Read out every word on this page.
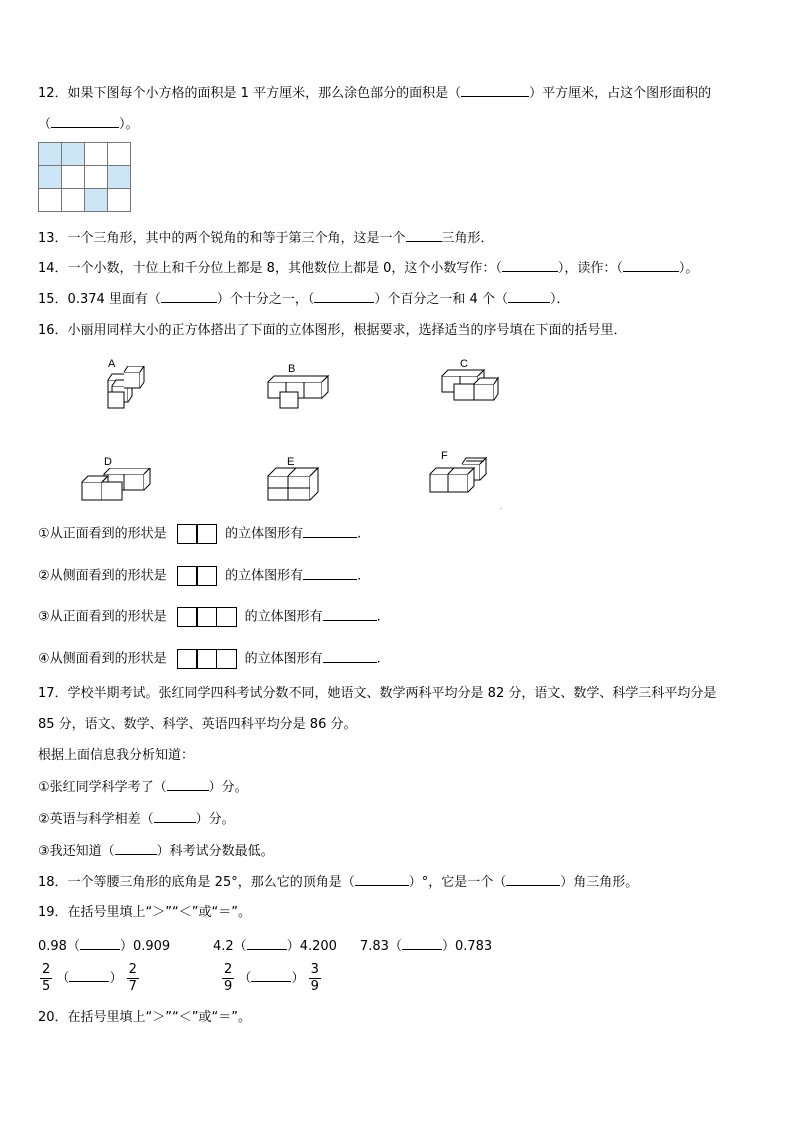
12．如果下图每个小方格的面积是 1 平方厘米，那么涂色部分的面积是（	）平方厘米，占这个图形面积的
（	）。

13．一个三角形，其中的两个锐角的和等于第三个角，这是一个	三角形．
14．一个小数，十位上和千分位上都是 8，其他数位上都是 0，这个小数写作：（	），读作：（	）。
15．0.374 里面有（	）个十分之一，（	）个百分之一和 4 个（	）．
16．小丽用同样大小的正方体搭出了下面的立体图形，根据要求，选择适当的序号填在下面的括号里．
A	B	C
D	E	F
·
①从正面看到的形状是	的立体图形有	.
②从侧面看到的形状是	的立体图形有	.
③从正面看到的形状是	的立体图形有	.
④从侧面看到的形状是	的立体图形有	.
17．学校半期考试。张红同学四科考试分数不同，她语文、数学两科平均分是 82 分，语文、数学、科学三科平均分是
85 分，语文、数学、科学、英语四科平均分是 86 分。
根据上面信息我分析知道：
①张红同学科学考了（	）分。
②英语与科学相差（	）分。
③我还知道（	）科考试分数最低。
18．一个等腰三角形的底角是 25°，那么它的顶角是（	）°，它是一个（	）角三角形。
19．在括号里填上“＞”“＜”或“＝”。
0.98（	）0.909	4.2（	）4.200 7.83（	）0.783
$\frac{2}{5}$ （	） $\frac{2}{7}$	$\frac{2}{9}$ （	） $\frac{3}{9}$
20．在括号里填上“＞”“＜”或“＝”。
